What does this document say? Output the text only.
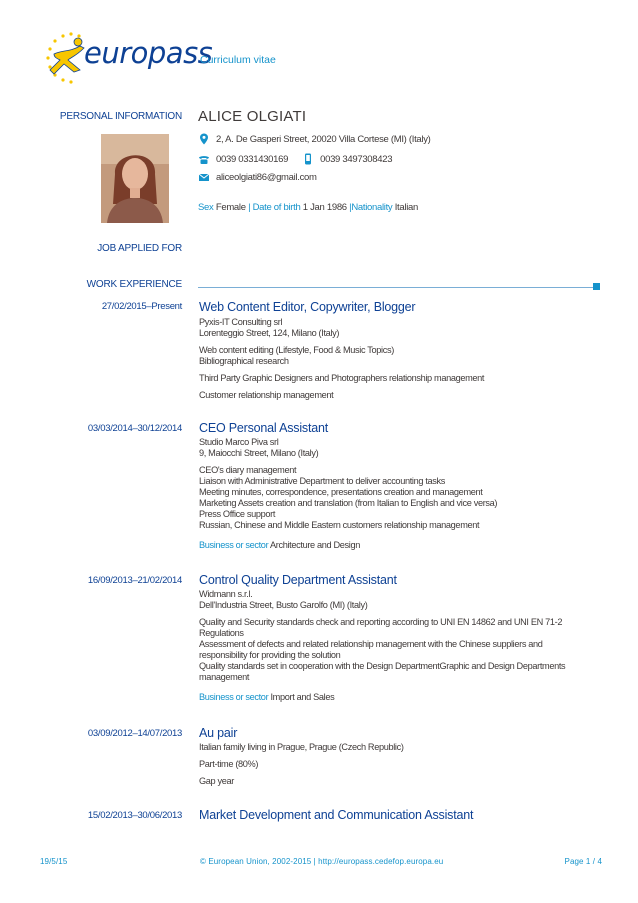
europass
Curriculum vitae
PERSONAL INFORMATION ALICE OLGIATI
2, A. De Gasperi Street, 20020 Villa Cortese (MI) (Italy)
0039 0331430169	0039 3497308423
aliceolgiati86@gmail.com
Sex
Female
|
Date of birth
1 Jan 1986
| Nationality
Italian
JOB APPLIED FOR
WORK EXPERIENCE
27/02/2015–Present Web Content Editor, Copywriter, Blogger
Pyxis-IT Consulting srl
Lorenteggio Street, 124, Milano (Italy)
Web content editing (Lifestyle, Food & Music Topics)
Bibliographical research
Third Party Graphic Designers and Photographers relationship management
Customer relationship management
03/03/2014–30/12/2014 CEO Personal Assistant
Studio Marco Piva srl
9, Maiocchi Street, Milano (Italy)
CEO's diary management
Liaison with Administrative Department to deliver accounting tasks
Meeting minutes, correspondence, presentations creation and management
Marketing Assets creation and translation (from Italian to English and vice versa)
Press Office support
Russian, Chinese and Middle Eastern customers relationship management
Business or sector Architecture and Design
16/09/2013–21/02/2014 Control Quality Department Assistant
Widmann s.r.l.
Dell'Industria Street, Busto Garolfo (MI) (Italy)
Quality and Security standards check and reporting according to UNI EN 14862 and UNI EN 71-2
Regulations
Assessment of defects and related relationship management with the Chinese suppliers and
responsibility for providing the solution
Quality standards set in cooperation with the Design DepartmentGraphic and Design Departments
management
Business or sector Import and Sales
03/09/2012–14/07/2013 Au pair
Italian family living in Prague, Prague (Czech Republic)
Part-time (80%)
Gap year
15/02/2013–30/06/2013 Market Development and Communication Assistant
19/5/15	© European Union, 2002-2015 | http://europass.cedefop.europa.eu	Page 1 / 4
